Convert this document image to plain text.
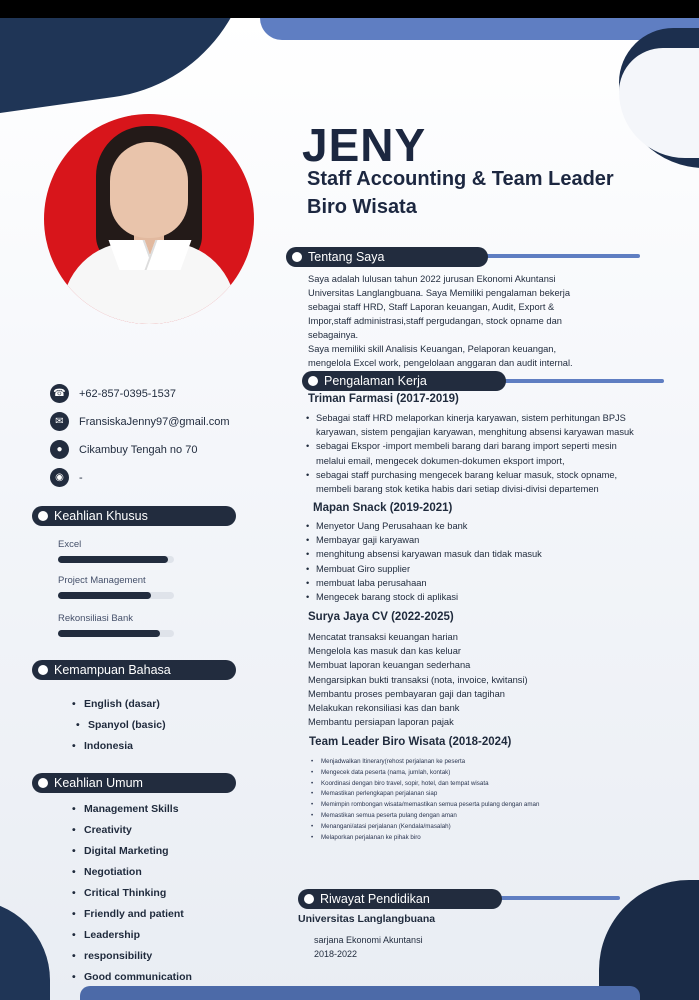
JENY
Staff Accounting & Team Leader
Biro Wisata
Tentang Saya
Saya adalah lulusan tahun 2022 jurusan Ekonomi Akuntansi
Universitas Langlangbuana. Saya Memiliki pengalaman bekerja
sebagai staff HRD, Staff Laporan keuangan, Audit, Export &
Impor,staff administrasi,staff pergudangan, stock opname dan
sebagainya.
Saya memiliki skill Analisis Keuangan, Pelaporan keuangan,
mengelola Excel work, pengelolaan anggaran dan audit internal.
Pengalaman Kerja
Triman Farmasi (2017-2019)
• Sebagai staff HRD melaporkan kinerja karyawan, sistem perhitungan BPJS
karyawan, sistem pengajian karyawan, menghitung absensi karyawan masuk
• sebagai Ekspor -import membeli barang dari barang import seperti mesin
melalui email, mengecek dokumen-dokumen eksport import,
• sebagai staff purchasing mengecek barang keluar masuk, stock opname,
membeli barang stok ketika habis dari setiap divisi-divisi departemen
Mapan Snack (2019-2021)
• Menyetor Uang Perusahaan ke bank
• Membayar gaji karyawan
• menghitung absensi karyawan masuk dan tidak masuk
• Membuat Giro supplier
• membuat laba perusahaan
• Mengecek barang stock di aplikasi
Surya Jaya CV (2022-2025)
Mencatat transaksi keuangan harian
Mengelola kas masuk dan kas keluar
Membuat laporan keuangan sederhana
Mengarsipkan bukti transaksi (nota, invoice, kwitansi)
Membantu proses pembayaran gaji dan tagihan
Melakukan rekonsiliasi kas dan bank
Membantu persiapan laporan pajak
Team Leader Biro Wisata (2018-2024)
• Menjadwalkan Itinerary(rehost perjalanan ke peserta
• Mengecek data peserta (nama, jumlah, kontak)
• Koordinasi dengan biro travel, sopir, hotel, dan tempat wisata
• Memastikan perlengkapan perjalanan siap
• Memimpin rombongan wisata/memastikan semua peserta pulang dengan aman
• Memastikan semua peserta pulang dengan aman
• Menangani/atasi perjalanan (Kendala/masalah)
• Melaporkan perjalanan ke pihak biro
Riwayat Pendidikan
Universitas Langlangbuana
sarjana Ekonomi Akuntansi
2018-2022
☎ +62-857-0395-1537
✉	FransiskaJenny97@gmail.com
●	Cikambuy Tengah no 70
◉	-
Keahlian Khusus
Excel
Project Management
Rekonsiliasi Bank
Kemampuan Bahasa
• English (dasar)
• Spanyol (basic)
• Indonesia
Keahlian Umum
• Management Skills
• Creativity
• Digital Marketing
• Negotiation
• Critical Thinking
• Friendly and patient
• Leadership
• responsibility
• Good communication
